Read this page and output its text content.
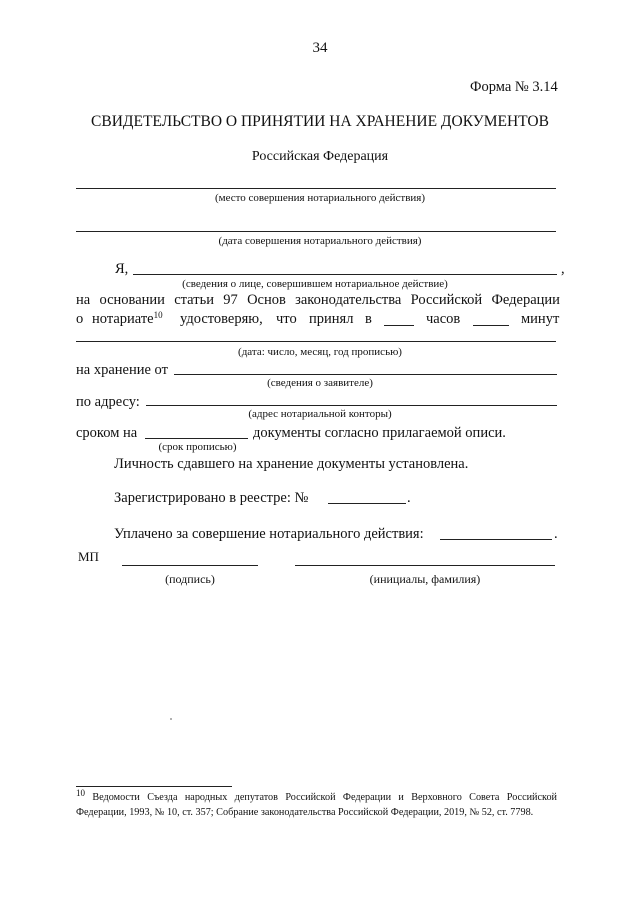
34
Форма № 3.14
СВИДЕТЕЛЬСТВО О ПРИНЯТИИ НА ХРАНЕНИЕ ДОКУМЕНТОВ
Российская Федерация
(место совершения нотариального действия)
(дата совершения нотариального действия)
Я,	,
(сведения о лице, совершившем нотариальное действие)
на основании статьи 97 Основ законодательства Российской Федерации
о нотариате$^{10}$ удостоверяю, что принял в	часов	минут
(дата: число, месяц, год прописью)
на хранение от
(сведения о заявителе)
по адресу:
(адрес нотариальной конторы)
сроком на	документы согласно прилагаемой описи.
(срок прописью)
Личность сдавшего на хранение документы установлена.
Зарегистрировано в реестре: №	.
Уплачено за совершение нотариального действия:	.
МП
(подпись)	(инициалы, фамилия)
$^{10}$ Ведомости Съезда народных депутатов Российской Федерации и Верховного Совета Российской
Федерации, 1993, № 10, ст. 357; Собрание законодательства Российской Федерации, 2019, № 52, ст. 7798.
